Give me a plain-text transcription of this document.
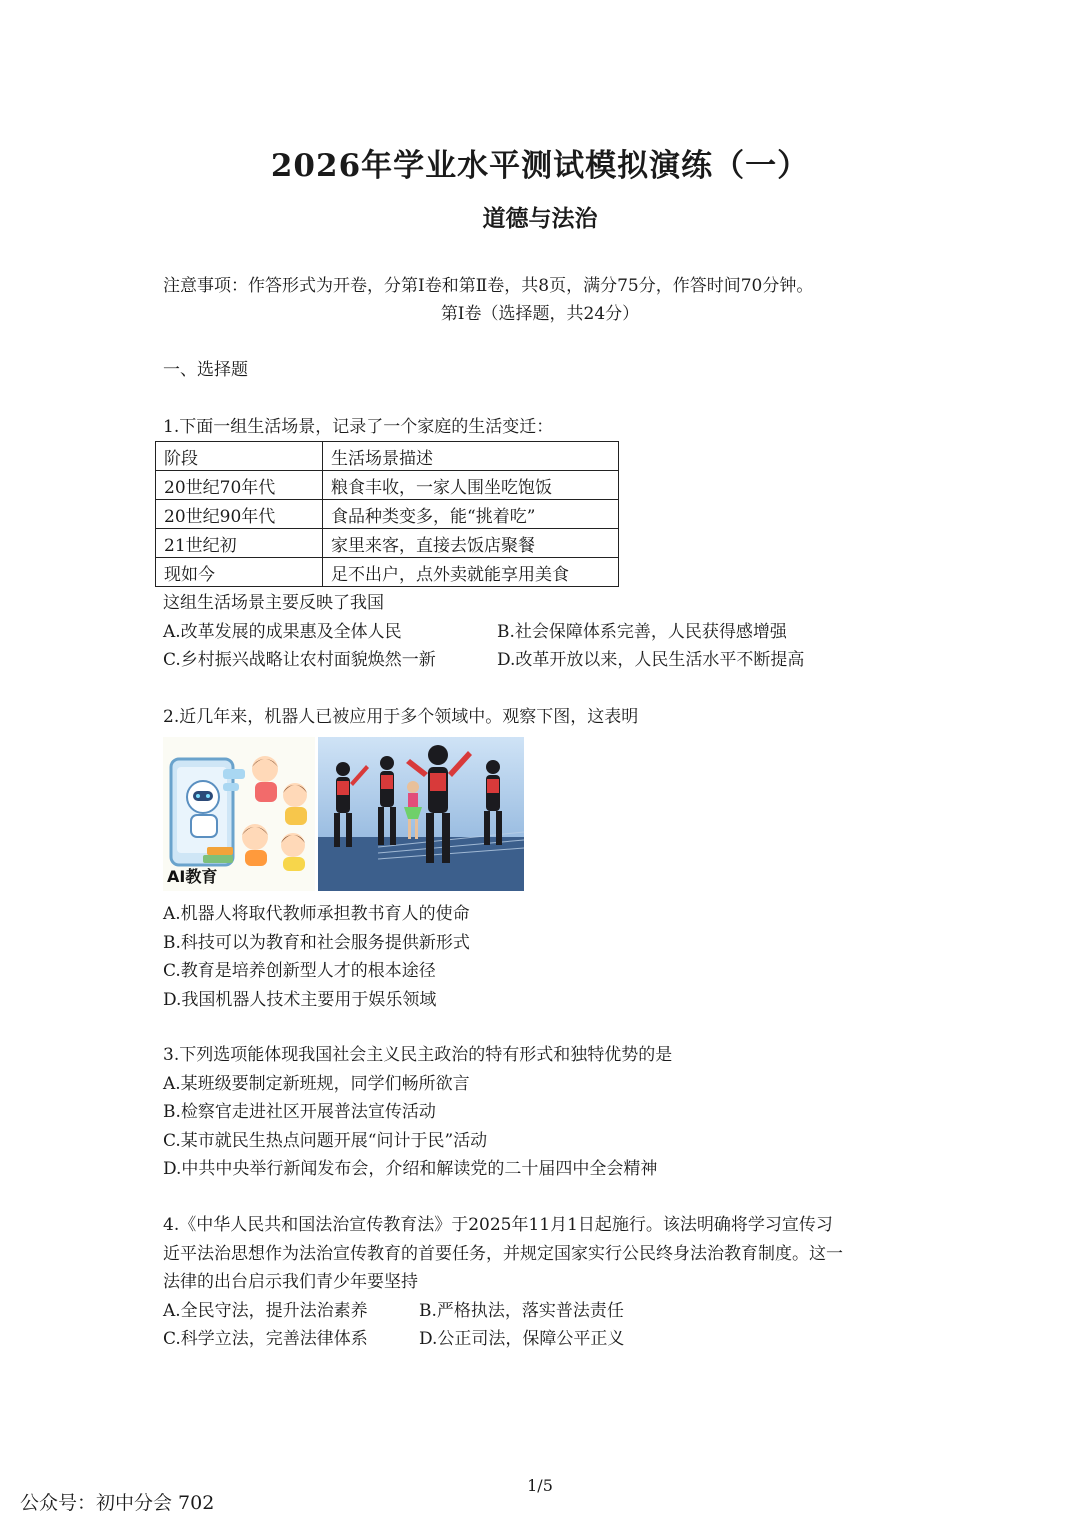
2026年学业水平测试模拟演练（一）
道德与法治
注意事项：作答形式为开卷，分第Ⅰ卷和第Ⅱ卷，共8页，满分75分，作答时间70分钟。
第Ⅰ卷（选择题，共24分）
一、选择题
1.下面一组生活场景，记录了一个家庭的生活变迁：
阶段	生活场景描述
20世纪70年代	粮食丰收，一家人围坐吃饱饭
20世纪90年代	食品种类变多，能“挑着吃”
21世纪初	家里来客，直接去饭店聚餐
现如今	足不出户，点外卖就能享用美食
这组生活场景主要反映了我国
A.改革发展的成果惠及全体人民	B.社会保障体系完善，人民获得感增强
C.乡村振兴战略让农村面貌焕然一新	D.改革开放以来，人民生活水平不断提高
2.近几年来，机器人已被应用于多个领域中。观察下图，这表明
AI教育
A.机器人将取代教师承担教书育人的使命
B.科技可以为教育和社会服务提供新形式
C.教育是培养创新型人才的根本途径
D.我国机器人技术主要用于娱乐领域
3.下列选项能体现我国社会主义民主政治的特有形式和独特优势的是
A.某班级要制定新班规，同学们畅所欲言
B.检察官走进社区开展普法宣传活动
C.某市就民生热点问题开展“问计于民”活动
D.中共中央举行新闻发布会，介绍和解读党的二十届四中全会精神
4.《中华人民共和国法治宣传教育法》于2025年11月1日起施行。该法明确将学习宣传习
近平法治思想作为法治宣传教育的首要任务，并规定国家实行公民终身法治教育制度。这一
法律的出台启示我们青少年要坚持
A.全民守法，提升法治素养	B.严格执法，落实普法责任
C.科学立法，完善法律体系	D.公正司法，保障公平正义
1/5
公众号：初中分会 702
